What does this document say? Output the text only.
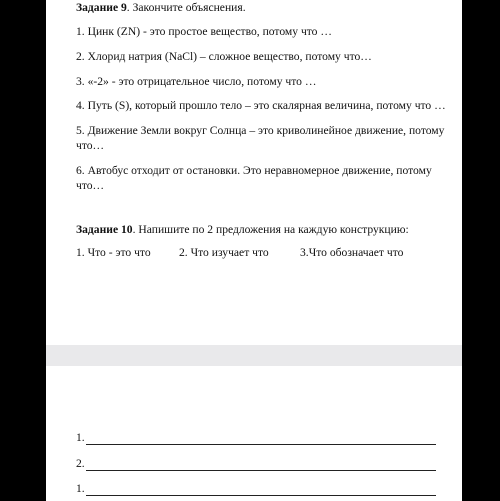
Задание 9. Закончите объяснения.
1. Цинк (ZN) - это простое вещество, потому что …
2. Хлорид натрия (NaCl) – сложное вещество, потому что…
3. «-2» - это отрицательное число, потому что …
4. Путь (S), который прошло тело – это скалярная величина, потому что …
5. Движение Земли вокруг Солнца – это криволинейное движение, потому что…
6. Автобус отходит от остановки. Это неравномерное движение, потому что…
Задание 10. Напишите по 2 предложения на каждую конструкцию:
1. Что - это что 2. Что изучает что	3.Что обозначает что
1.
2.
1.
